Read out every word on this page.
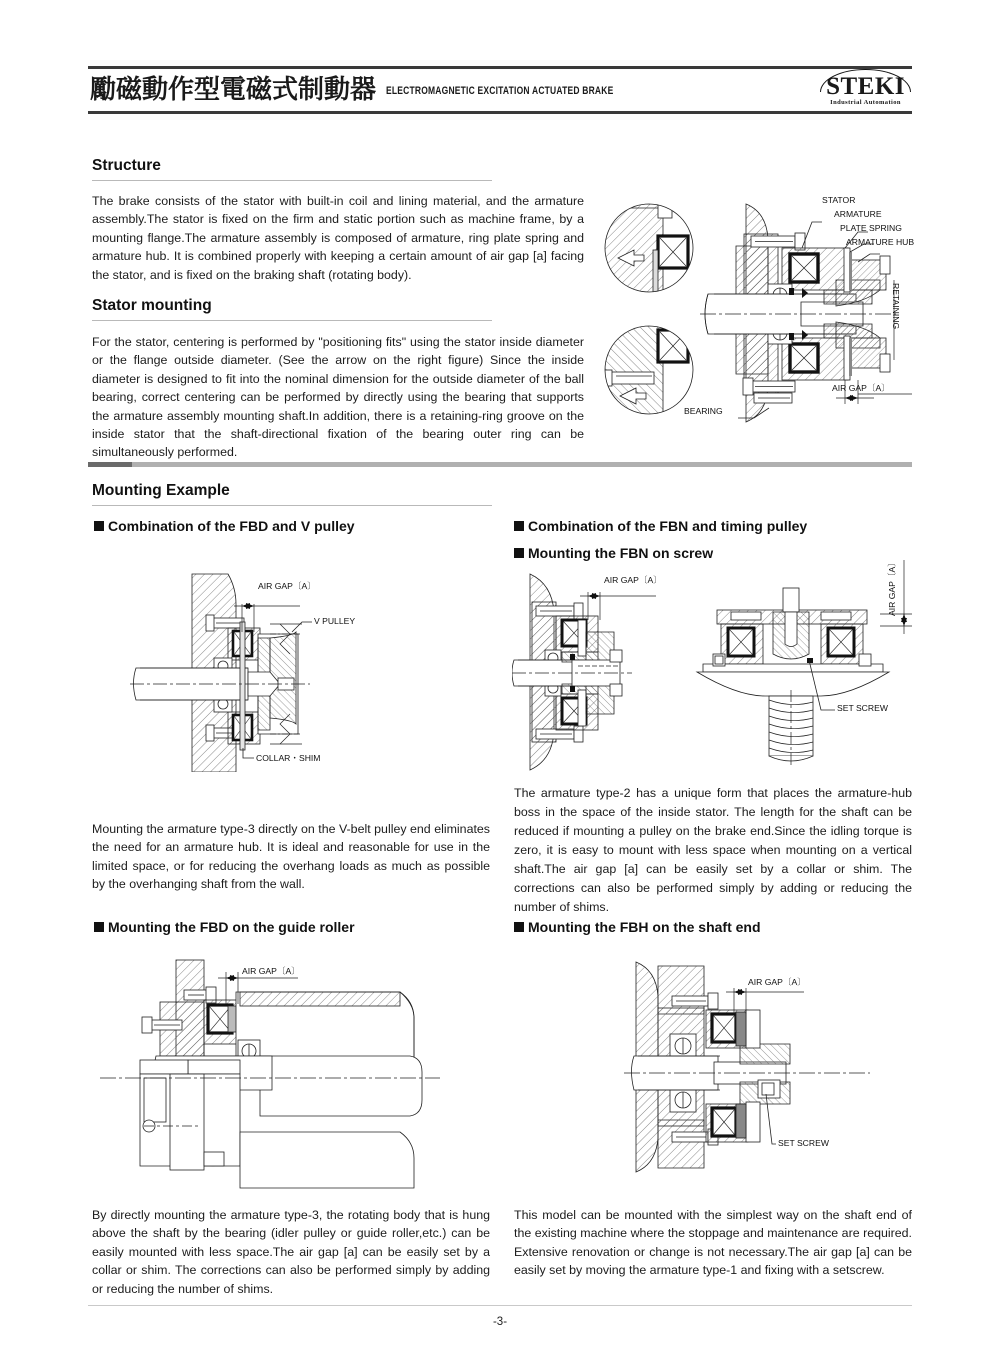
勵磁動作型電磁式制動器 ELECTROMAGNETIC EXCITATION ACTUATED BRAKE	STEKI
Industrial Automation
Structure
The brake consists of the stator with built-in coil and lining material, and the armature assembly.The stator is fixed on the firm and static portion such as machine frame, by a mounting flange.The armature assembly is composed of armature, ring plate spring and armature hub. It is combined properly with keeping a certain amount of air gap [a] facing the stator, and is fixed on the braking shaft (rotating body).
Stator mounting
For the stator, centering is performed by "positioning fits" using the stator inside diameter or the flange outside diameter. (See the arrow on the right figure) Since the inside diameter is designed to fit into the nominal dimension for the outside diameter of the ball bearing, correct centering can be performed by directly using the bearing that supports the armature assembly mounting shaft.In addition, there is a retaining-ring groove on the inside stator that the shaft-directional fixation of the bearing outer ring can be simultaneously performed.
STATOR
ARMATURE
PLATE SPRING
ARMATURE HUB
RETAINING
AIR GAP〔A〕
BEARING
Mounting Example
Combination of the FBD and V pulley	Combination of the FBN and timing pulley
Mounting the FBN on screw
AIR GAP〔A〕
V PULLEY
COLLAR・SHIM
AIR GAP〔A〕
SET SCREW
AIR GAP〔A〕
Mounting the armature type-3 directly on the V-belt pulley end eliminates the need for an armature hub. It is ideal and reasonable for use in the limited space, or for reducing the overhang loads as much as possible by the overhanging shaft from the wall.
The armature type-2 has a unique form that places the armature-hub boss in the space of the inside stator. The length for the shaft can be reduced if mounting a pulley on the brake end.Since the idling torque is zero, it is easy to mount with less space when mounting on a vertical shaft.The air gap [a] can be easily set by a collar or shim. The corrections can also be performed simply by adding or reducing the number of shims.
Mounting the FBD on the guide roller	Mounting the FBH on the shaft end
AIR GAP〔A〕
AIR GAP〔A〕
SET SCREW
By directly mounting the armature type-3, the rotating body that is hung above the shaft by the bearing (idler pulley or guide roller,etc.) can be easily mounted with less space.The air gap [a] can be easily set by a collar or shim. The corrections can also be performed simply by adding or reducing the number of shims.
This model can be mounted with the simplest way on the shaft end of the existing machine where the stoppage and maintenance are required. Extensive renovation or change is not necessary.The air gap [a] can be easily set by moving the armature type-1 and fixing with a setscrew.
-3-
